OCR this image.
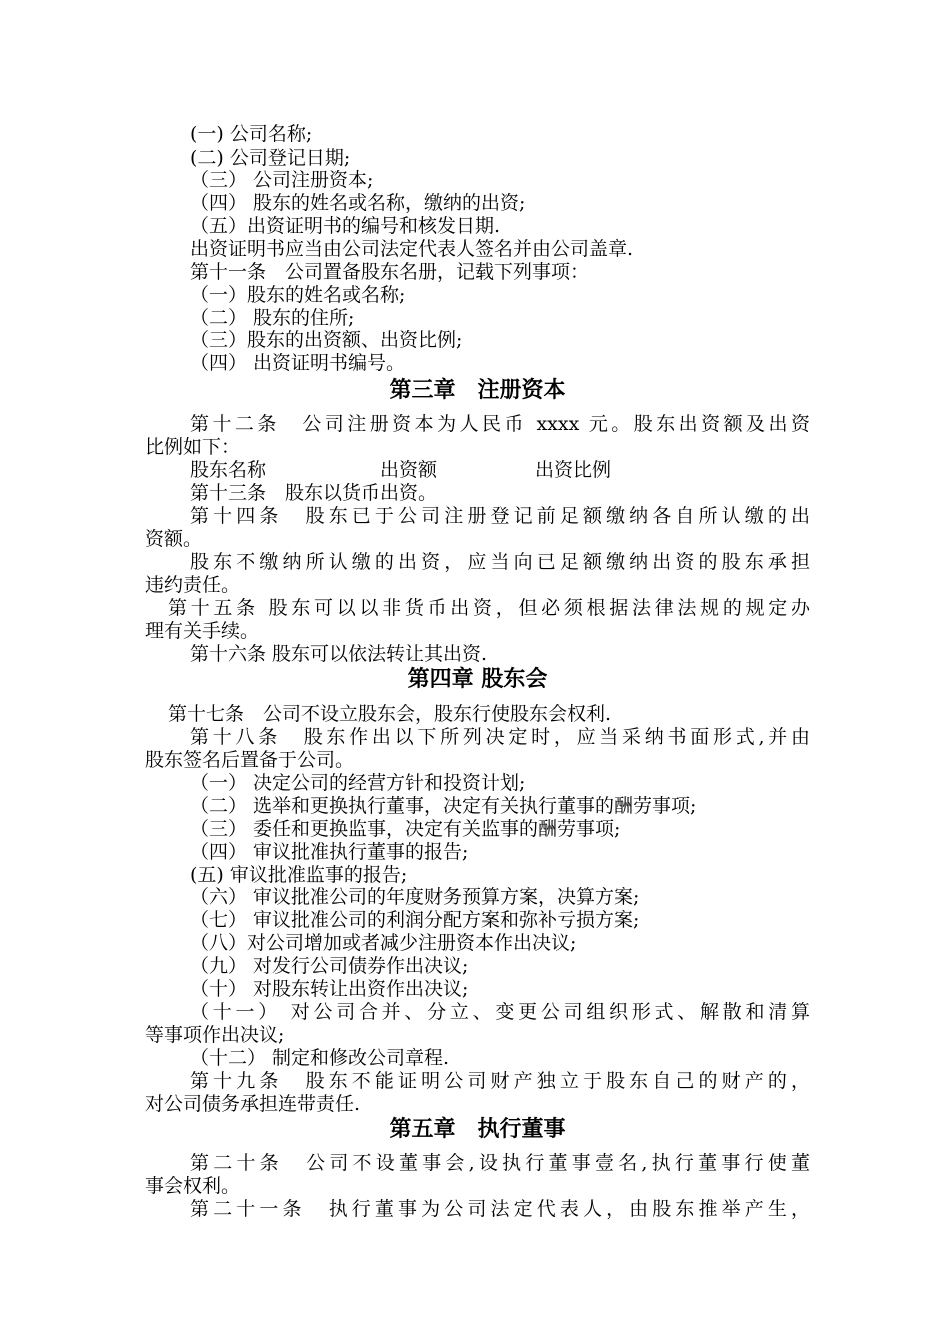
(一) 公司名称;
(二) 公司登记日期;
（三） 公司注册资本;
（四） 股东的姓名或名称，缴纳的出资;
（五）出资证明书的编号和核发日期.
出资证明书应当由公司法定代表人签名并由公司盖章.
第十一条　公司置备股东名册，记载下列事项：
（一）股东的姓名或名称;
（二） 股东的住所;
（三）股东的出资额、出资比例;
（四） 出资证明书编号。
第三章　注册资本
第十二条　公司注册资本为人民币 xxxx 元。股东出资额及出资
比例如下：

股东名称

	出资额

	出资比例

第十三条　股东以货币出资。
第十四条　股东已于公司注册登记前足额缴纳各自所认缴的出
资额。
股东不缴纳所认缴的出资，应当向已足额缴纳出资的股东承担
违约责任。
第十五条 股东可以以非货币出资，但必须根据法律法规的规定办
理有关手续。
第十六条 股东可以依法转让其出资.
第四章 股东会
第十七条　公司不设立股东会，股东行使股东会权利.
第十八条　股东作出以下所列决定时，应当采纳书面形式,并由
股东签名后置备于公司。
（一） 决定公司的经营方针和投资计划;
（二） 选举和更换执行董事，决定有关执行董事的酬劳事项;
（三） 委任和更换监事，决定有关监事的酬劳事项;
（四） 审议批准执行董事的报告;
(五) 审议批准监事的报告;
（六） 审议批准公司的年度财务预算方案，决算方案;
（七） 审议批准公司的利润分配方案和弥补亏损方案;
（八）对公司增加或者减少注册资本作出决议;
（九） 对发行公司债券作出决议;
（十） 对股东转让出资作出决议;
（十一） 对公司合并、分立、变更公司组织形式、解散和清算
等事项作出决议;
（十二） 制定和修改公司章程.
第十九条　股东不能证明公司财产独立于股东自己的财产的，
对公司债务承担连带责任.
第五章　执行董事
第二十条　公司不设董事会,设执行董事壹名,执行董事行使董
事会权利。
第二十一条　执行董事为公司法定代表人，由股东推举产生，
